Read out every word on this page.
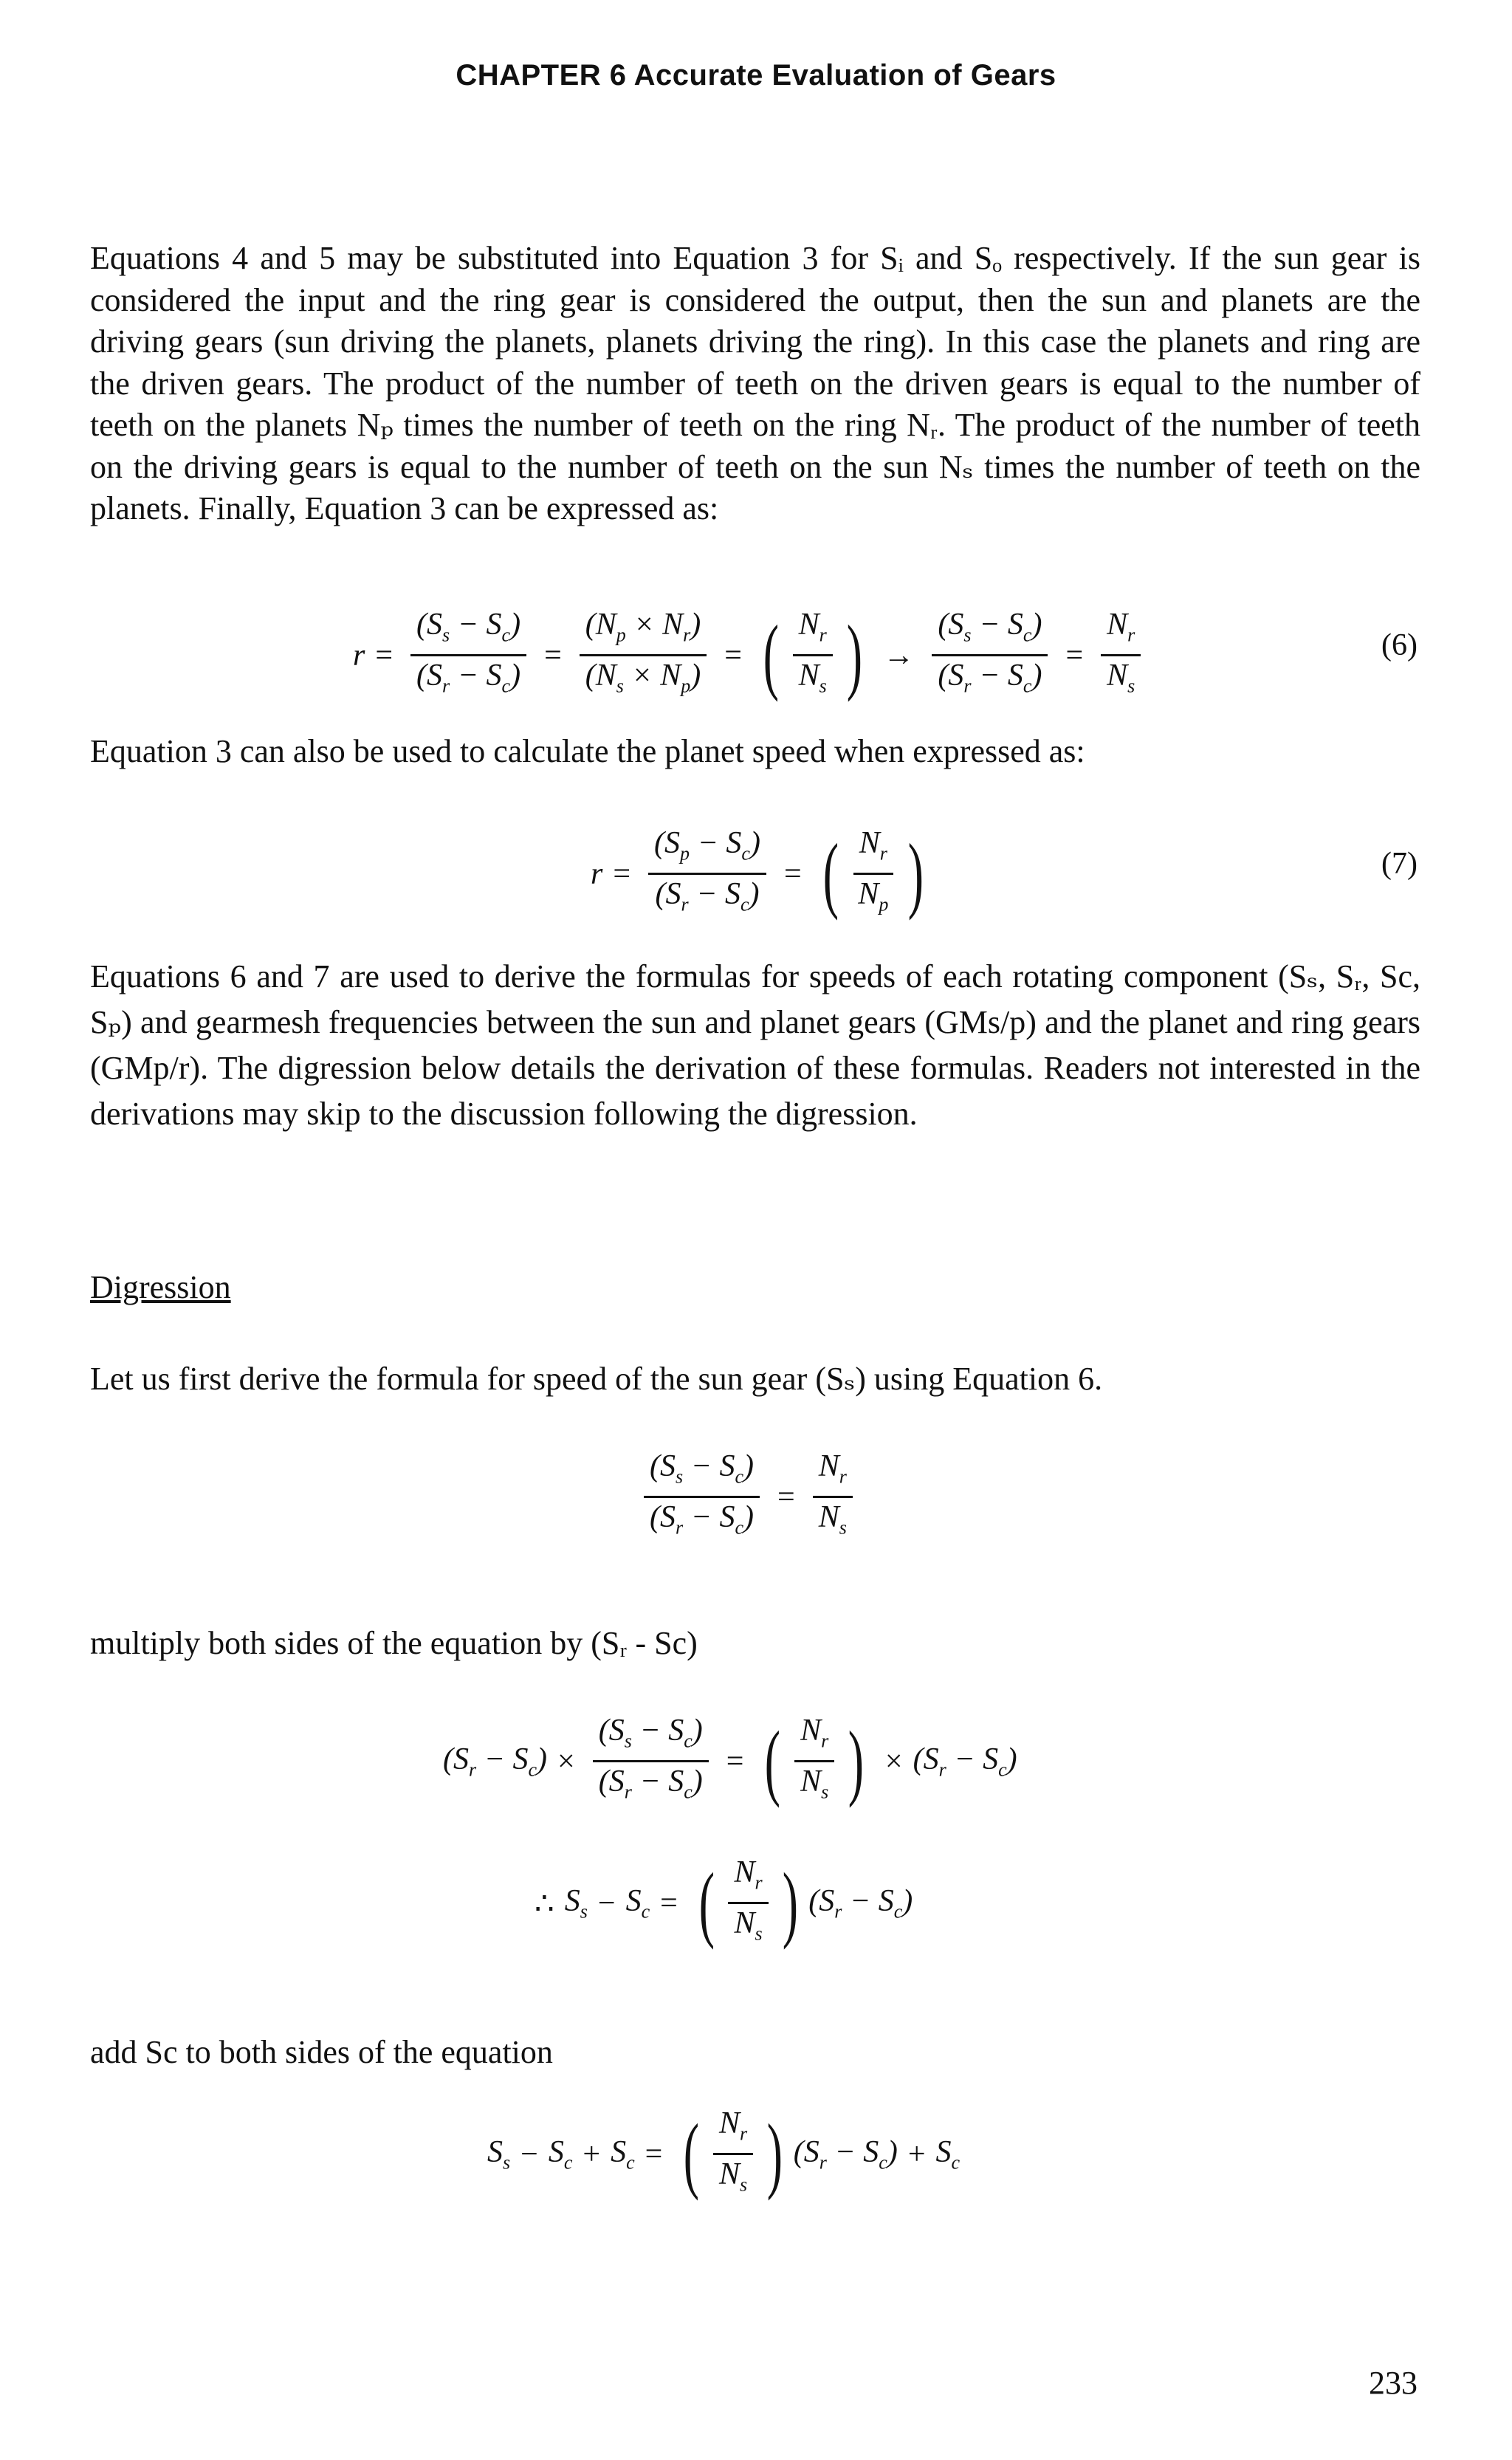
CHAPTER 6 Accurate Evaluation of Gears

Equations 4 and 5 may be substituted into Equation 3 for Sᵢ and Sₒ respectively. If the sun gear is considered the input and the ring gear is considered the output, then the sun and planets are the driving gears (sun driving the planets, planets driving the ring). In this case the planets and ring are the driven gears. The product of the number of teeth on the driven gears is equal to the number of teeth on the planets Nₚ times the number of teeth on the ring Nᵣ. The product of the number of teeth on the driving gears is equal to the number of teeth on the sun Nₛ times the number of teeth on the planets. Finally, Equation 3 can be expressed as:

$r = \frac{(S_s - S_c)}{(S_r - S_c)} = \frac{(N_p \times N_r)}{(N_s \times N_p)}$ = ( $\frac{N_r}{N_s}$ ) → $\frac{(S_s - S_c)}{(S_r - S_c)} = \frac{N_r}{N_s}$	(6)

Equation 3 can also be used to calculate the planet speed when expressed as:

$r = \frac{(S_p - S_c)}{(S_r - S_c)}$ = ( $\frac{N_r}{N_p}$ )	(7)

Equations 6 and 7 are used to derive the formulas for speeds of each rotating component (Sₛ, Sᵣ, Sc, Sₚ) and gearmesh frequencies between the sun and planet gears (GMs/p) and the planet and ring gears (GMp/r). The digression below details the derivation of these formulas. Readers not interested in the derivations may skip to the discussion following the digression.

Digression

Let us first derive the formula for speed of the sun gear (Sₛ) using Equation 6.

$\frac{(S_s - S_c)}{(S_r - S_c)} = \frac{N_r}{N_s}$

multiply both sides of the equation by (Sᵣ - Sc)

$(S_r - S_c) \times \frac{(S_s - S_c)}{(S_r - S_c)}$ = ( $\frac{N_r}{N_s}$ ) × $(S_r - S_c)$
∴ $S_s - S_c$ = ( $\frac{N_r}{N_s}$ ) $(S_r - S_c)$

add Sc to both sides of the equation

$S_s - S_c + S_c$ = ( $\frac{N_r}{N_s}$ ) $(S_r - S_c) + S_c$
233
